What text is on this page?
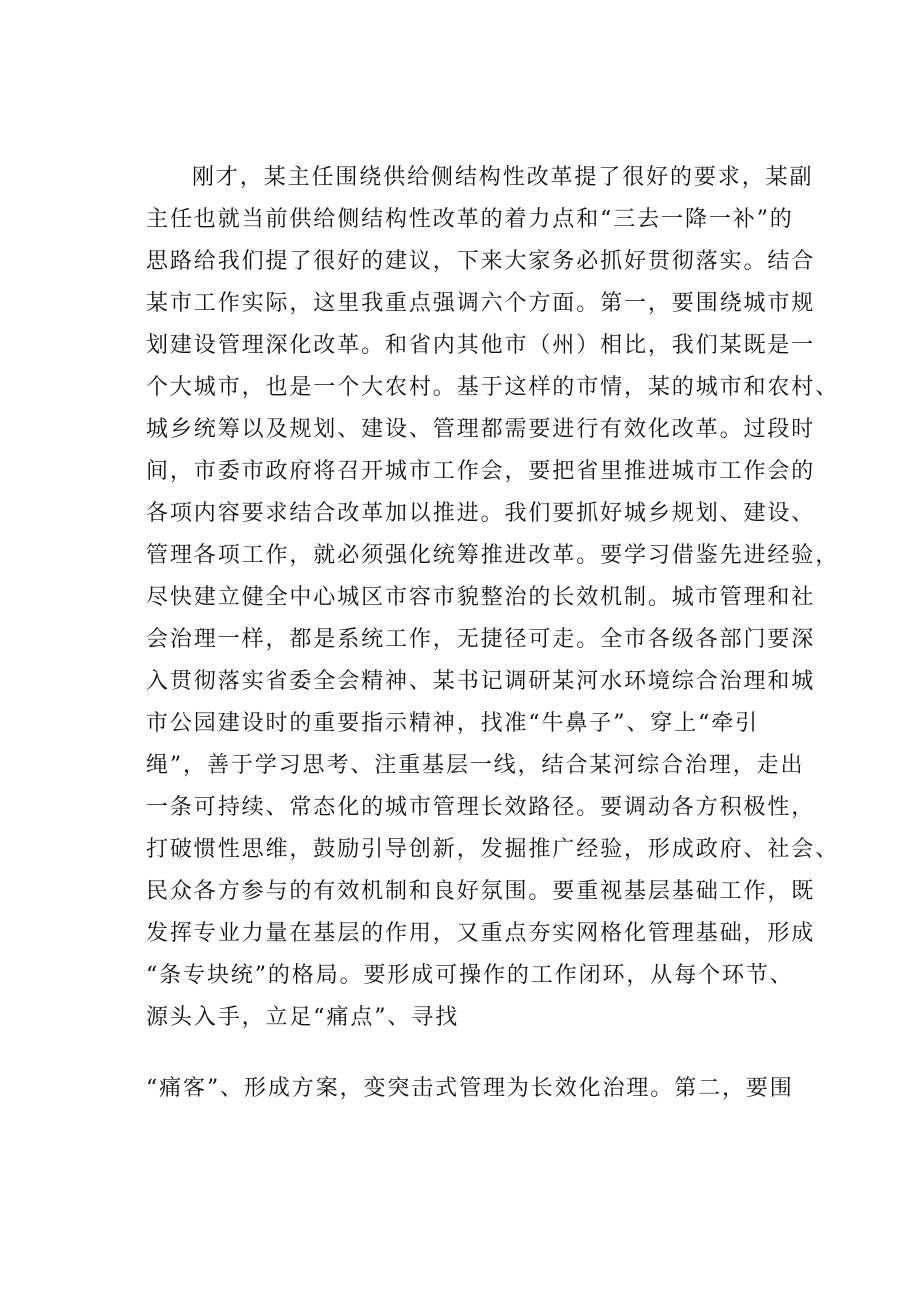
刚才，某主任围绕供给侧结构性改革提了很好的要求，某副
主任也就当前供给侧结构性改革的着力点和“三去一降一补”的
思路给我们提了很好的建议，下来大家务必抓好贯彻落实。结合
某市工作实际，这里我重点强调六个方面。第一，要围绕城市规
划建设管理深化改革。和省内其他市（州）相比，我们某既是一
个大城市，也是一个大农村。基于这样的市情，某的城市和农村、
城乡统筹以及规划、建设、管理都需要进行有效化改革。过段时
间，市委市政府将召开城市工作会，要把省里推进城市工作会的
各项内容要求结合改革加以推进。我们要抓好城乡规划、建设、
管理各项工作，就必须强化统筹推进改革。要学习借鉴先进经验，
尽快建立健全中心城区市容市貌整治的长效机制。城市管理和社
会治理一样，都是系统工作，无捷径可走。全市各级各部门要深
入贯彻落实省委全会精神、某书记调研某河水环境综合治理和城
市公园建设时的重要指示精神，找准“牛鼻子”、穿上“牵引
绳”，善于学习思考、注重基层一线，结合某河综合治理，走出
一条可持续、常态化的城市管理长效路径。要调动各方积极性，
打破惯性思维，鼓励引导创新，发掘推广经验，形成政府、社会、
民众各方参与的有效机制和良好氛围。要重视基层基础工作，既
发挥专业力量在基层的作用，又重点夯实网格化管理基础，形成
“条专块统”的格局。要形成可操作的工作闭环，从每个环节、
源头入手，立足“痛点”、寻找
“痛客”、形成方案，变突击式管理为长效化治理。第二，要围
